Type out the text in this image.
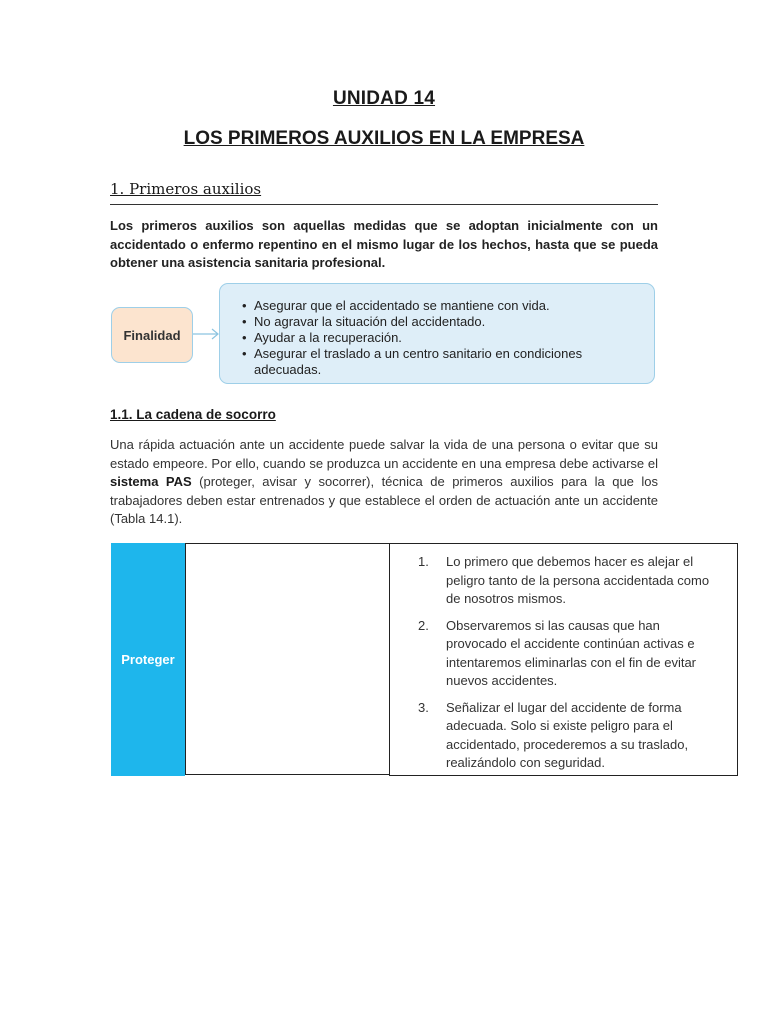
UNIDAD 14
LOS PRIMEROS AUXILIOS EN LA EMPRESA
1. Primeros auxilios
Los primeros auxilios son aquellas medidas que se adoptan inicialmente con un accidentado o enfermo repentino en el mismo lugar de los hechos, hasta que se pueda obtener una asistencia sanitaria profesional.
Finalidad
• Asegurar que el accidentado se mantiene con vida.
• No agravar la situación del accidentado.
• Ayudar a la recuperación.
• Asegurar el traslado a un centro sanitario en condiciones adecuadas.
1.1. La cadena de socorro
Una rápida actuación ante un accidente puede salvar la vida de una persona o evitar que su estado empeore. Por ello, cuando se produzca un accidente en una empresa debe activarse el sistema PAS (proteger, avisar y socorrer), técnica de primeros auxilios para la que los trabajadores deben estar entrenados y que establece el orden de actuación ante un accidente (Tabla 14.1).
Proteger
1. Lo primero que debemos hacer es alejar el peligro tanto de la persona accidentada como de nosotros mismos.
2. Observaremos si las causas que han provocado el accidente continúan activas e intentaremos eliminarlas con el fin de evitar nuevos accidentes.
3. Señalizar el lugar del accidente de forma adecuada. Solo si existe peligro para el accidentado, procederemos a su traslado, realizándolo con seguridad.
